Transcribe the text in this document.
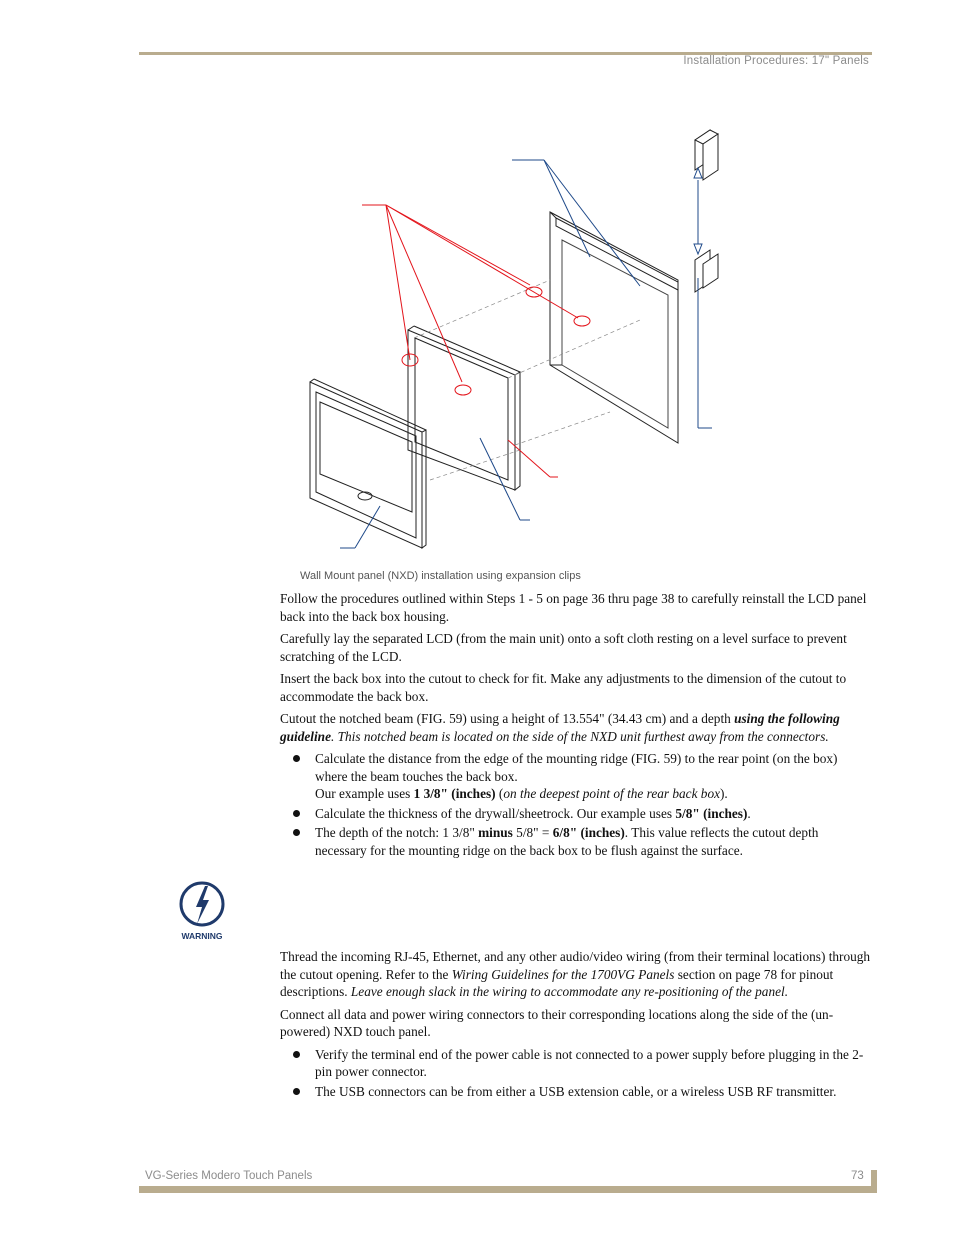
Installation Procedures: 17" Panels
Wall Mount panel (NXD) installation using expansion clips

Follow the procedures outlined within Steps 1 - 5 on page 36 thru page 38 to carefully reinstall the LCD panel back into the back box housing.

Carefully lay the separated LCD (from the main unit) onto a soft cloth resting on a level surface to prevent scratching of the LCD.

Insert the back box into the cutout to check for fit. Make any adjustments to the dimension of the cutout to accommodate the back box.

Cutout the notched beam (FIG. 59) using a height of 13.554" (34.43 cm) and a depth using the following guideline. This notched beam is located on the side of the NXD unit furthest away from the connectors.

Calculate the distance from the edge of the mounting ridge (FIG. 59) to the rear point (on the box) where the beam touches the back box.
Our example uses 1 3/8" (inches) (on the deepest point of the rear back box).
Calculate the thickness of the drywall/sheetrock. Our example uses 5/8" (inches).
The depth of the notch: 1 3/8" minus 5/8" = 6/8" (inches). This value reflects the cutout depth necessary for the mounting ridge on the back box to be flush against the surface.

Thread the incoming RJ-45, Ethernet, and any other audio/video wiring (from their terminal locations) through the cutout opening. Refer to the Wiring Guidelines for the 1700VG Panels section on page 78 for pinout descriptions. Leave enough slack in the wiring to accommodate any re-positioning of the panel.

Connect all data and power wiring connectors to their corresponding locations along the side of the (un-powered) NXD touch panel.

Verify the terminal end of the power cable is not connected to a power supply before plugging in the 2-pin power connector.
The USB connectors can be from either a USB extension cable, or a wireless USB RF transmitter.
WARNING
VG-Series Modero Touch Panels	73
